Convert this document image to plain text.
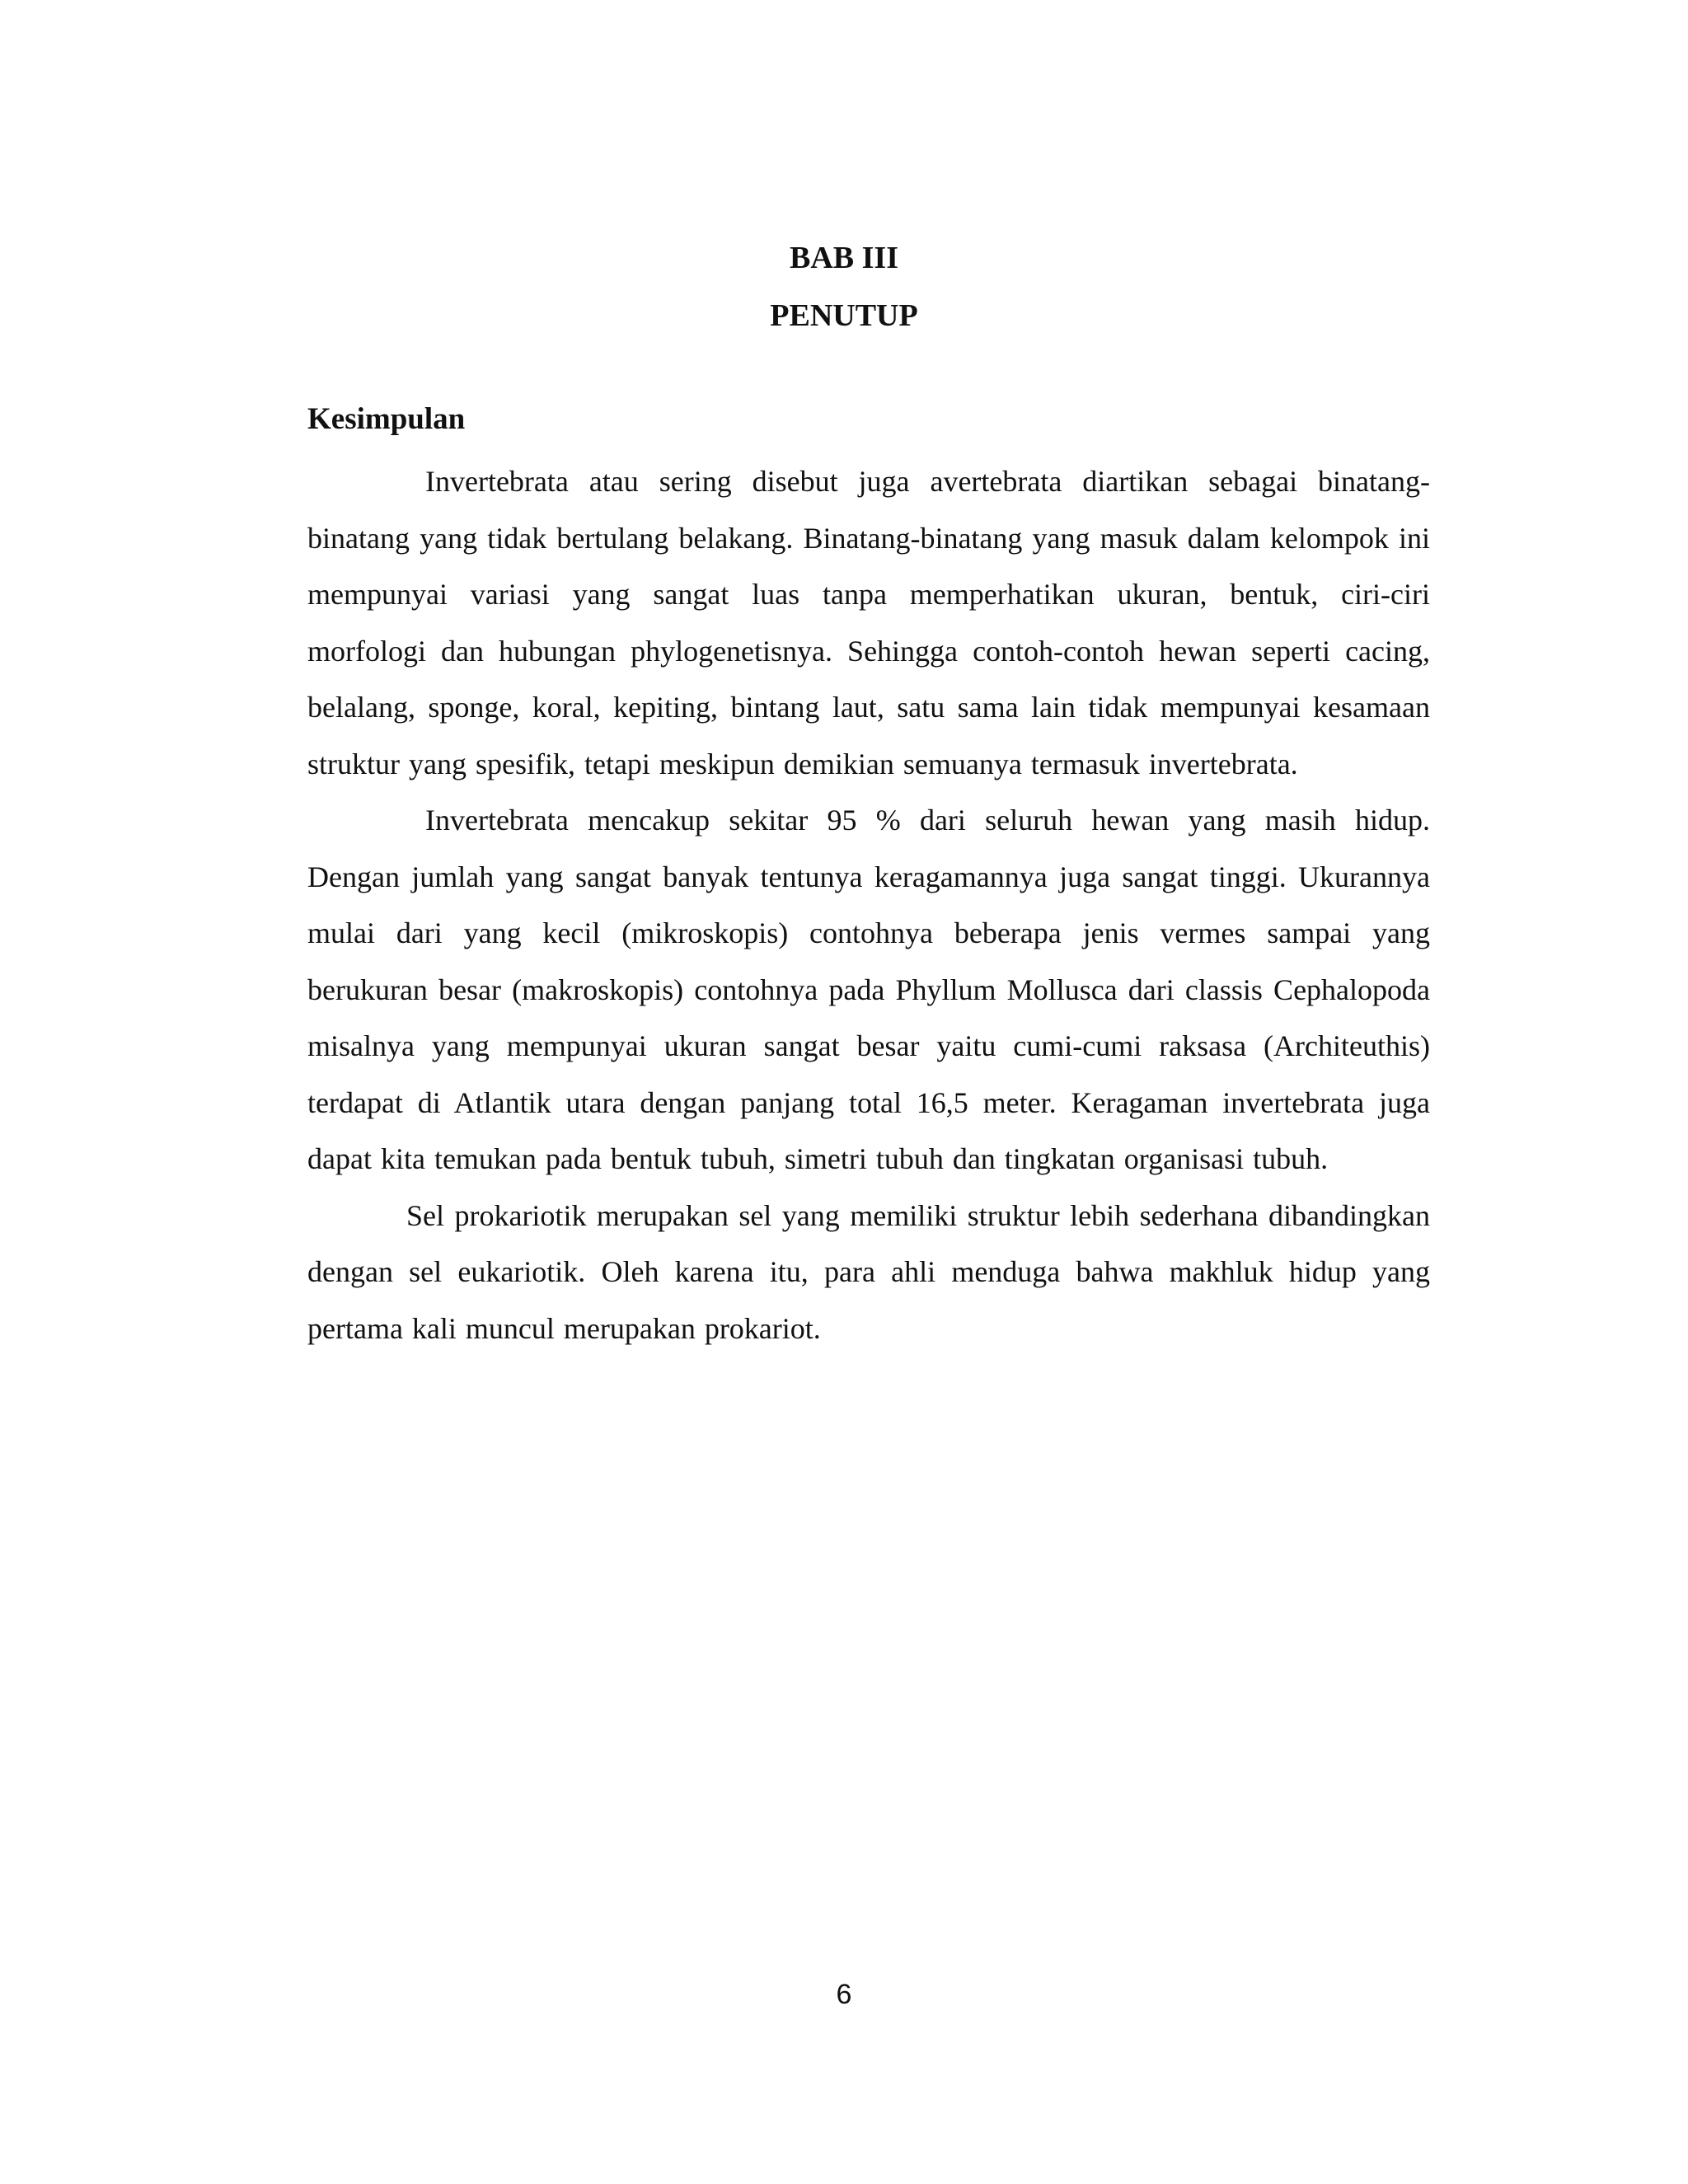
BAB III
PENUTUP
Kesimpulan

Invertebrata atau sering disebut juga avertebrata diartikan sebagai binatang-binatang yang tidak bertulang belakang. Binatang-binatang yang masuk dalam kelompok ini mempunyai variasi yang sangat luas tanpa memperhatikan ukuran, bentuk, ciri-ciri morfologi dan hubungan phylogenetisnya. Sehingga contoh-contoh hewan seperti cacing, belalang, sponge, koral, kepiting, bintang laut, satu sama lain tidak mempunyai kesamaan struktur yang spesifik, tetapi meskipun demikian semuanya termasuk invertebrata.

Invertebrata mencakup sekitar 95 % dari seluruh hewan yang masih hidup. Dengan jumlah yang sangat banyak tentunya keragamannya juga sangat tinggi. Ukurannya mulai dari yang kecil (mikroskopis) contohnya beberapa jenis vermes sampai yang berukuran besar (makroskopis) contohnya pada Phyllum Mollusca dari classis Cephalopoda misalnya yang mempunyai ukuran sangat besar yaitu cumi-cumi raksasa (Architeuthis) terdapat di Atlantik utara dengan panjang total 16,5 meter. Keragaman invertebrata juga dapat kita temukan pada bentuk tubuh, simetri tubuh dan tingkatan organisasi tubuh.

Sel prokariotik merupakan sel yang memiliki struktur lebih sederhana dibandingkan dengan sel eukariotik. Oleh karena itu, para ahli menduga bahwa makhluk hidup yang pertama kali muncul merupakan prokariot.

6
